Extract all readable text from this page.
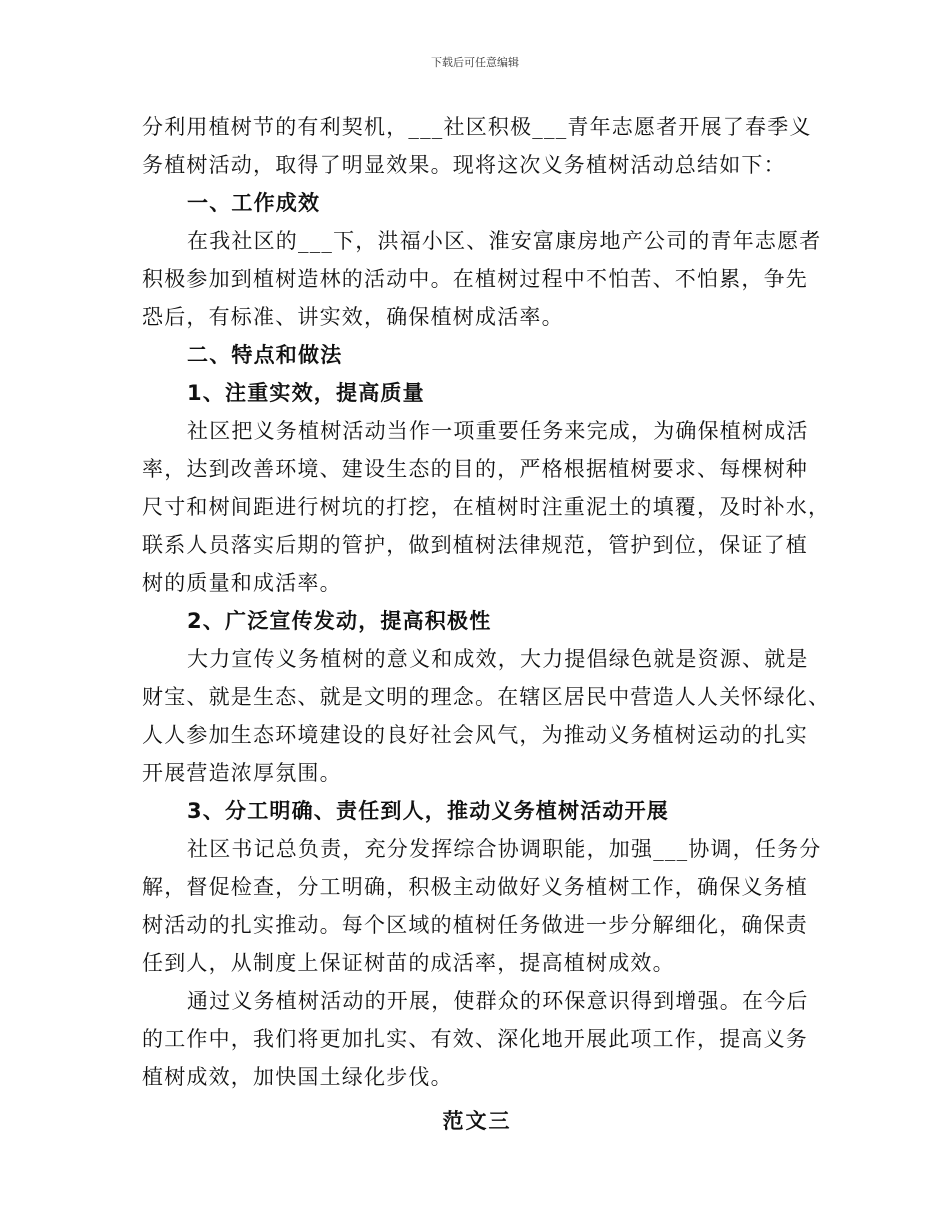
下载后可任意编辑
分利用植树节的有利契机，___社区积极___青年志愿者开展了春季义
务植树活动，取得了明显效果。现将这次义务植树活动总结如下：
一、工作成效
在我社区的___下，洪福小区、淮安富康房地产公司的青年志愿者
积极参加到植树造林的活动中。在植树过程中不怕苦、不怕累，争先
恐后，有标准、讲实效，确保植树成活率。
二、特点和做法
1、注重实效，提高质量
社区把义务植树活动当作一项重要任务来完成，为确保植树成活
率，达到改善环境、建设生态的目的，严格根据植树要求、每棵树种
尺寸和树间距进行树坑的打挖，在植树时注重泥土的填覆，及时补水，
联系人员落实后期的管护，做到植树法律规范，管护到位，保证了植
树的质量和成活率。
2、广泛宣传发动，提高积极性
大力宣传义务植树的意义和成效，大力提倡绿色就是资源、就是
财宝、就是生态、就是文明的理念。在辖区居民中营造人人关怀绿化、
人人参加生态环境建设的良好社会风气，为推动义务植树运动的扎实
开展营造浓厚氛围。
3、分工明确、责任到人，推动义务植树活动开展
社区书记总负责，充分发挥综合协调职能，加强___协调，任务分
解，督促检查，分工明确，积极主动做好义务植树工作，确保义务植
树活动的扎实推动。每个区域的植树任务做进一步分解细化，确保责
任到人，从制度上保证树苗的成活率，提高植树成效。
通过义务植树活动的开展，使群众的环保意识得到增强。在今后
的工作中，我们将更加扎实、有效、深化地开展此项工作，提高义务
植树成效，加快国土绿化步伐。
范文三
